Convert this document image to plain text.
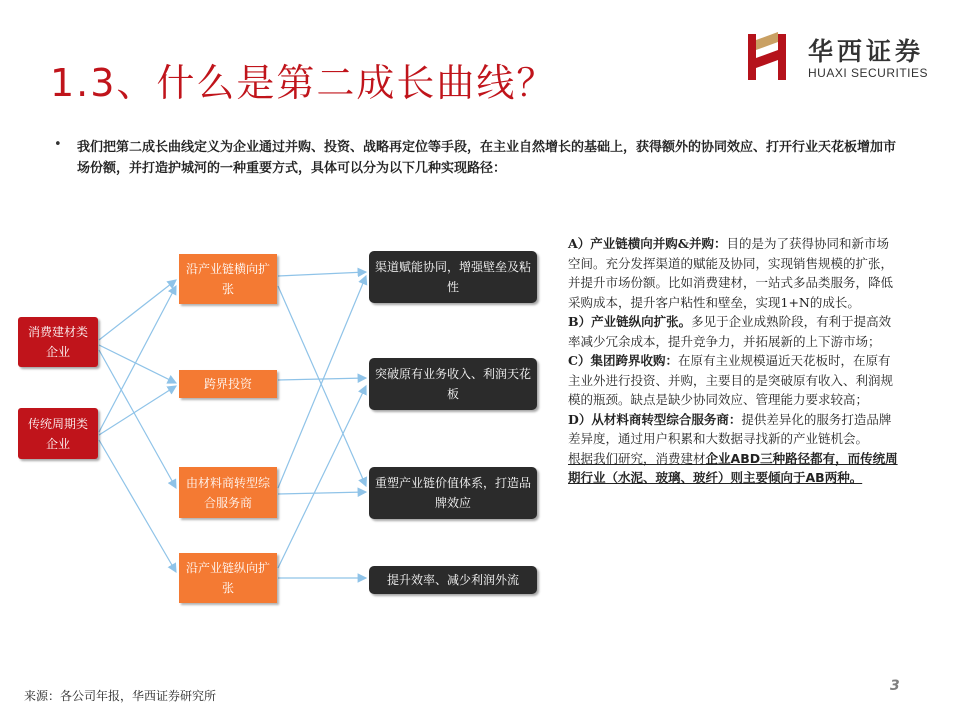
1.3、什么是第二成长曲线？
华西证券
HUAXI SECURITIES
• 我们把第二成长曲线定义为企业通过并购、投资、战略再定位等手段，在主业自然增长的基础上，获得额外的协同效应、打开行业天花板增加市场份额，并打造护城河的一种重要方式，具体可以分为以下几种实现路径：
消费建材类企业
传统周期类企业
沿产业链横向扩张
跨界投资
由材料商转型综合服务商
沿产业链纵向扩张
渠道赋能协同，增强壁垒及粘性
突破原有业务收入、利润天花板
重塑产业链价值体系，打造品牌效应
提升效率、减少利润外流

A）产业链横向并购&并购：目的是为了获得协同和新市场空间。充分发挥渠道的赋能及协同，实现销售规模的扩张，并提升市场份额。比如消费建材，一站式多品类服务，降低采购成本，提升客户粘性和壁垒，实现1+N的成长。

B）产业链纵向扩张。多见于企业成熟阶段，有利于提高效率减少冗余成本，提升竞争力，并拓展新的上下游市场；

C）集团跨界收购：在原有主业规模逼近天花板时，在原有主业外进行投资、并购，主要目的是突破原有收入、利润规模的瓶颈。缺点是缺少协同效应、管理能力要求较高；

D）从材料商转型综合服务商：提供差异化的服务打造品牌差异度，通过用户积累和大数据寻找新的产业链机会。

根据我们研究，消费建材企业ABD三种路径都有，而传统周期行业（水泥、玻璃、玻纤）则主要倾向于AB两种。

来源：各公司年报，华西证券研究所
3
